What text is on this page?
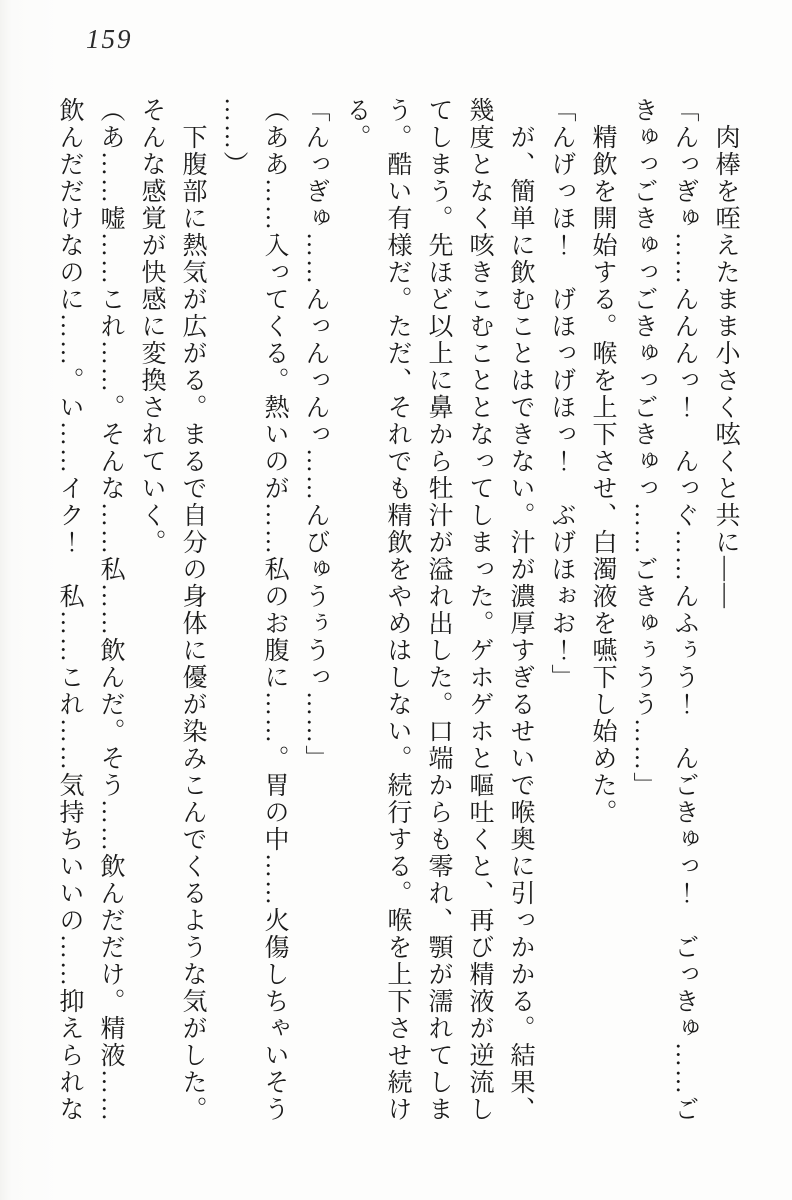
159

　肉棒を咥えたまま小さく呟くと共に——

「んっぎゅ……んんんっ！　んっぐ……んふぅう！　んごきゅっ！　ごっきゅ……ご

きゅっごきゅっごきゅっごきゅっ……ごきゅぅうう……」

　精飲を開始する。喉を上下させ、白濁液を嚥下し始めた。

「んげっほ！　げほっげほっ！　ぶげほぉお！」

　が、簡単に飲むことはできない。汁が濃厚すぎるせいで喉奥に引っかかる。結果、

幾度となく咳きこむこととなってしまった。ゲホゲホと嘔吐くと、再び精液が逆流し

てしまう。先ほど以上に鼻から牡汁が溢れ出した。口端からも零れ、顎が濡れてしま

う。酷い有様だ。ただ、それでも精飲をやめはしない。続行する。喉を上下させ続け

る。

「んっぎゅ……んっんっんっ……んびゅうぅうっ……」

（ああ……入ってくる。熱いのが……私のお腹に……。胃の中……火傷しちゃいそう

……）

　下腹部に熱気が広がる。まるで自分の身体に優が染みこんでくるような気がした。

そんな感覚が快感に変換されていく。

（あ……嘘……これ……。そんな……私……飲んだ。そう……飲んだだけ。精液……

飲んだだけなのに……。い……イク！　私……これ……気持ちいいの……抑えられな
